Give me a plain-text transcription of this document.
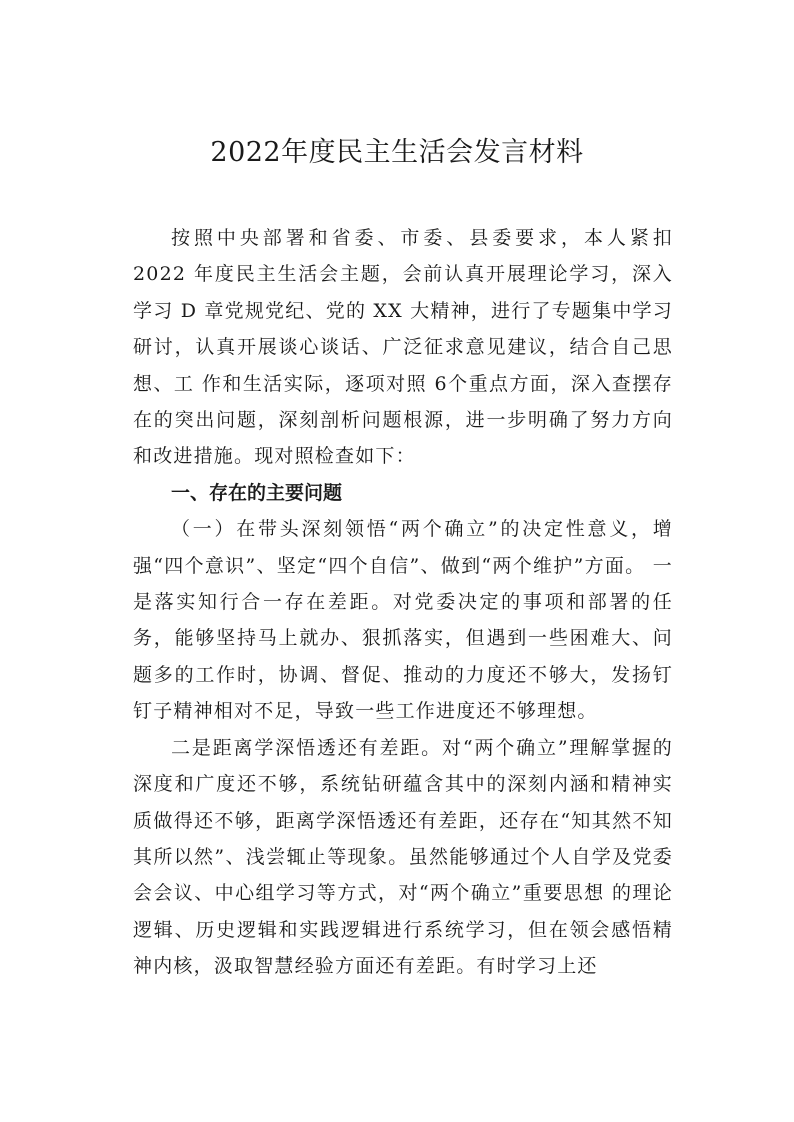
2022年度民主生活会发言材料

按照中央部署和省委、市委、县委要求，本人紧扣 2022 年度民主生活会主题，会前认真开展理论学习，深入学习 D 章党规党纪、党的 XX 大精神，进行了专题集中学习研讨，认真开展谈心谈话、广泛征求意见建议，结合自己思想、工 作和生活实际，逐项对照 6个重点方面，深入查摆存在的突出问题，深刻剖析问题根源，进一步明确了努力方向和改进措施。现对照检查如下：

一、存在的主要问题

（一）在带头深刻领悟“两个确立”的决定性意义，增强“四个意识”、坚定“四个自信”、做到“两个维护”方面。 一是落实知行合一存在差距。对党委决定的事项和部署的任务，能够坚持马上就办、狠抓落实，但遇到一些困难大、问题多的工作时，协调、督促、推动的力度还不够大，发扬钉钉子精神相对不足，导致一些工作进度还不够理想。

二是距离学深悟透还有差距。对“两个确立”理解掌握的深度和广度还不够，系统钻研蕴含其中的深刻内涵和精神实质做得还不够，距离学深悟透还有差距，还存在“知其然不知其所以然”、浅尝辄止等现象。虽然能够通过个人自学及党委会会议、中心组学习等方式，对“两个确立”重要思想 的理论逻辑、历史逻辑和实践逻辑进行系统学习，但在领会感悟精神内核，汲取智慧经验方面还有差距。有时学习上还
